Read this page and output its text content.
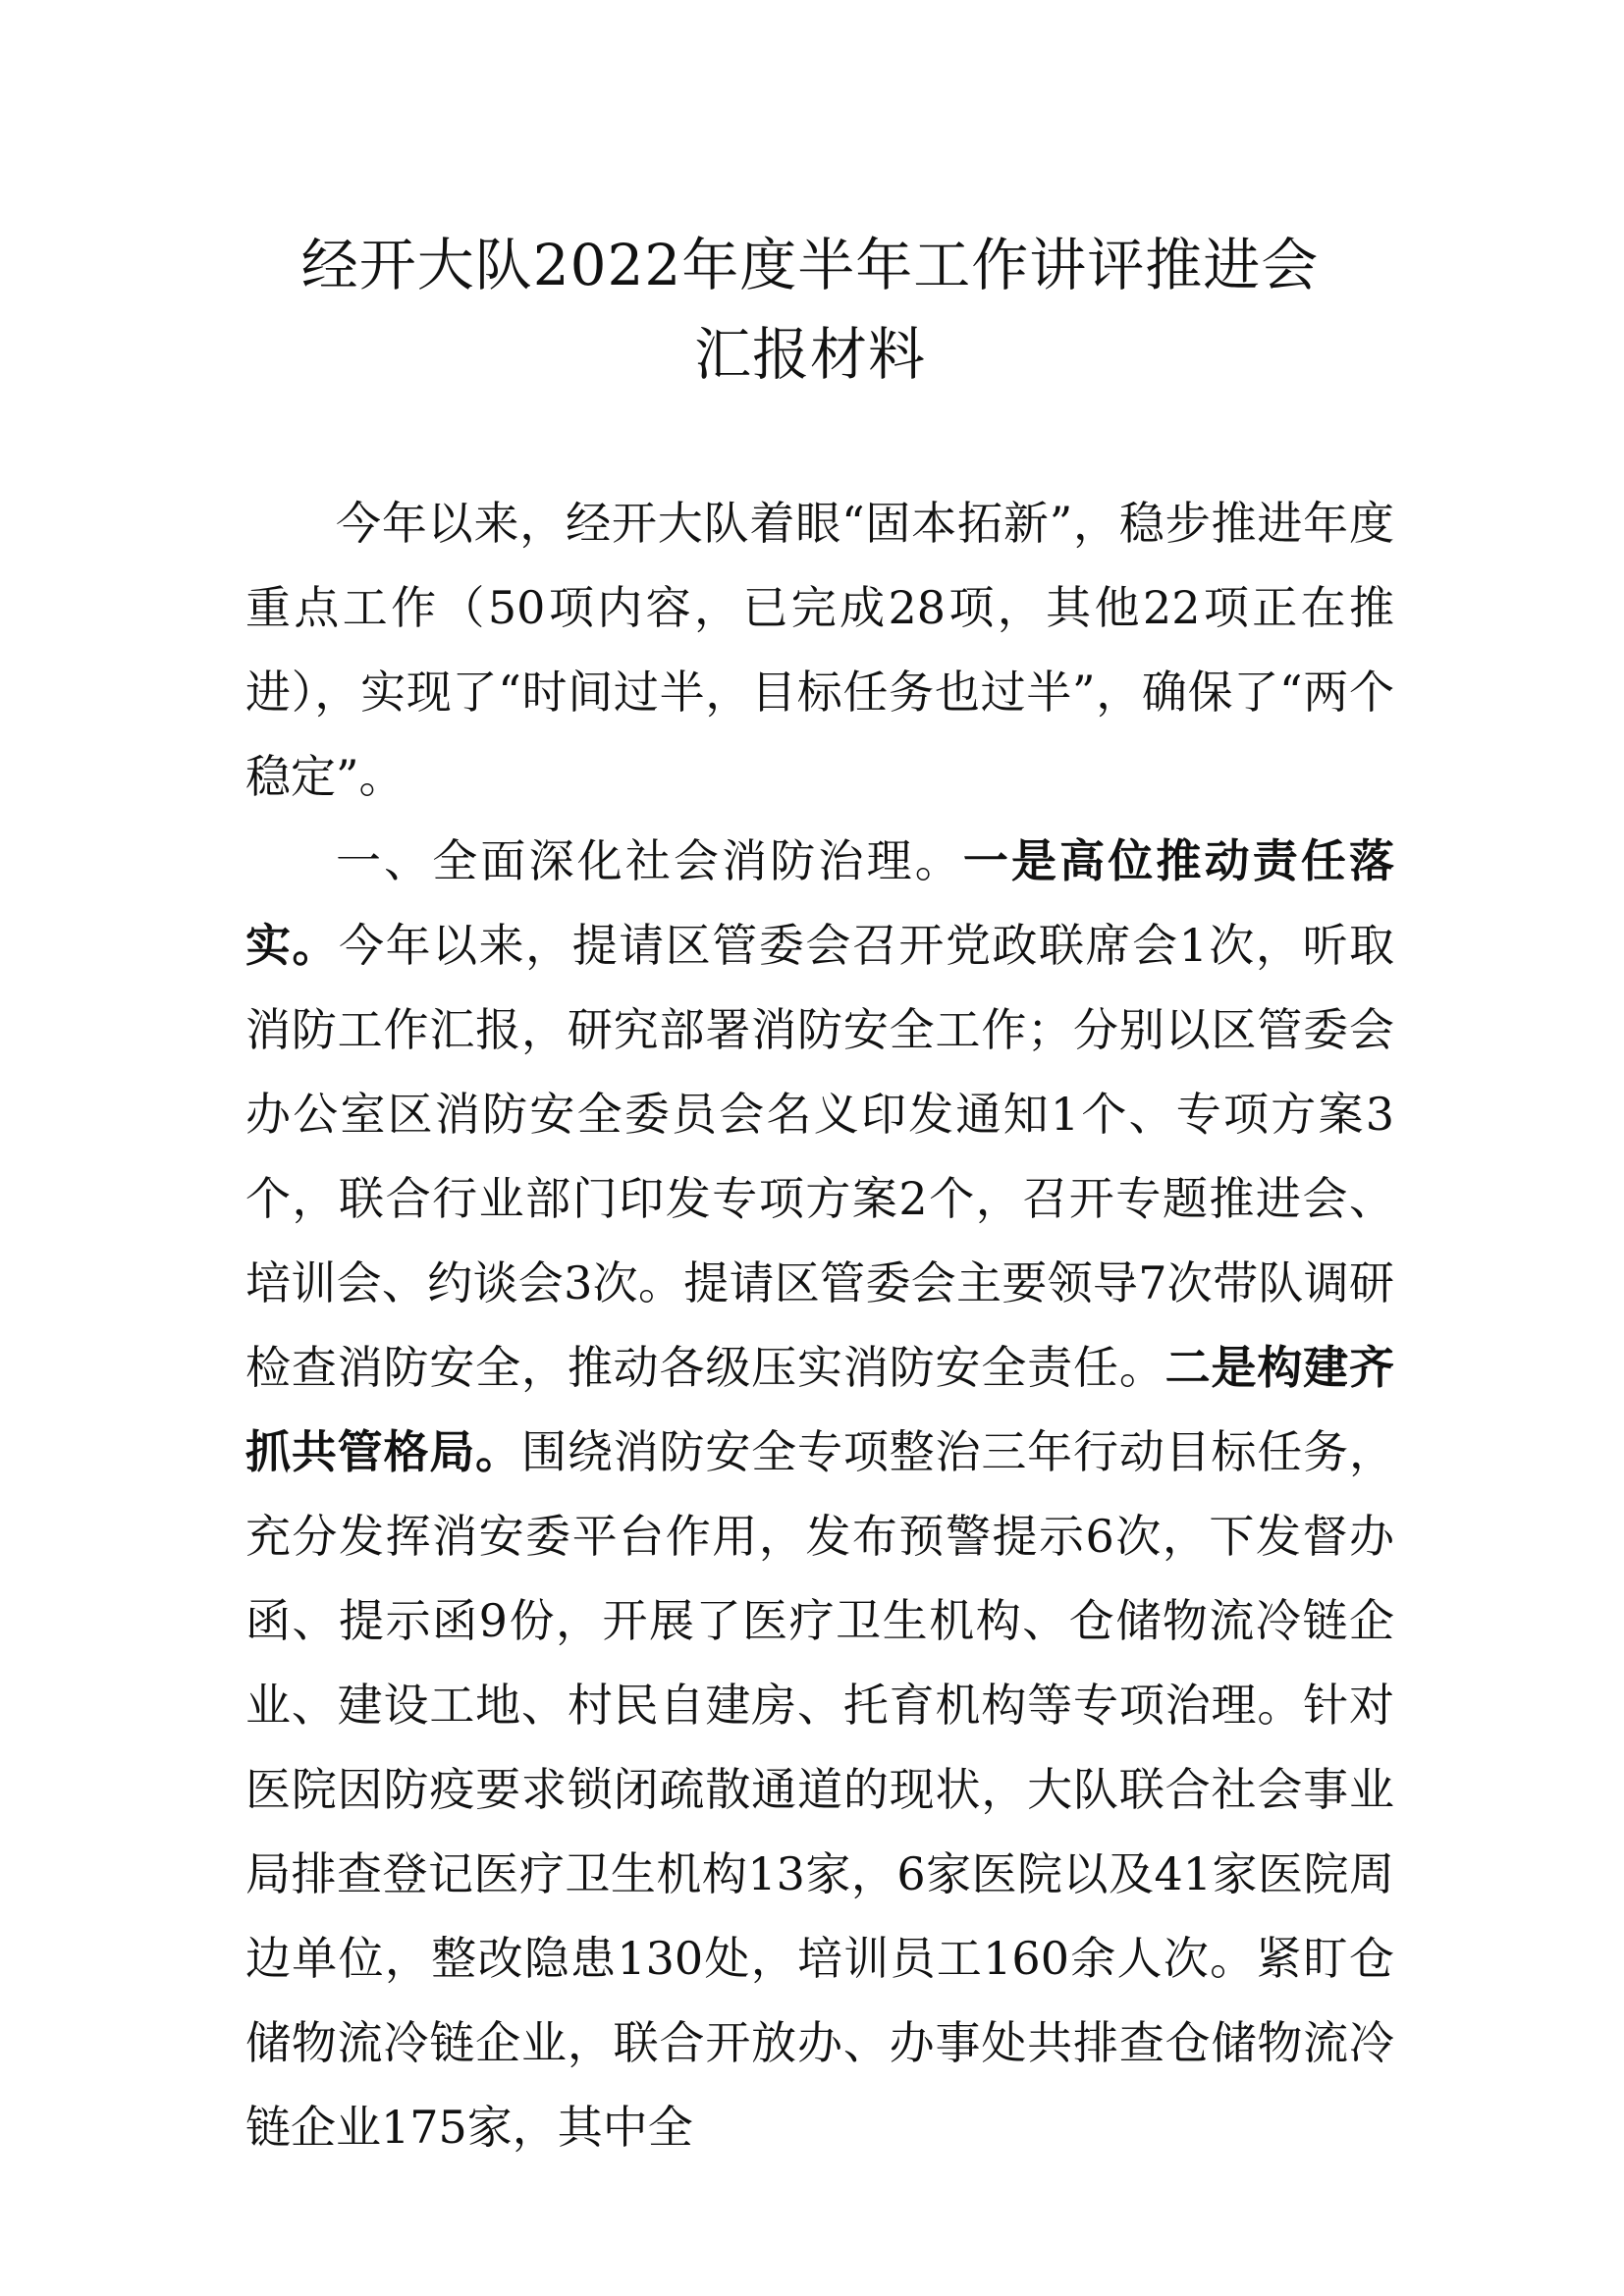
经开大队2022年度半年工作讲评推进会
汇报材料

今年以来，经开大队着眼“固本拓新”，稳步推进年度重点工作（50项内容，已完成28项，其他22项正在推进），实现了“时间过半，目标任务也过半”，确保了“两个稳定”。

一、全面深化社会消防治理。一是高位推动责任落实。今年以来，提请区管委会召开党政联席会1次，听取消防工作汇报，研究部署消防安全工作；分别以区管委会办公室区消防安全委员会名义印发通知1个、专项方案3个，联合行业部门印发专项方案2个，召开专题推进会、培训会、约谈会3次。提请区管委会主要领导7次带队调研检查消防安全，推动各级压实消防安全责任。二是构建齐抓共管格局。围绕消防安全专项整治三年行动目标任务，充分发挥消安委平台作用，发布预警提示6次，下发督办函、提示函9份，开展了医疗卫生机构、仓储物流冷链企业、建设工地、村民自建房、托育机构等专项治理。针对医院因防疫要求锁闭疏散通道的现状，大队联合社会事业局排查登记医疗卫生机构13家，6家医院以及41家医院周边单位，整改隐患130处，培训员工160余人次。紧盯仓储物流冷链企业，联合开放办、办事处共排查仓储物流冷链企业175家，其中全
